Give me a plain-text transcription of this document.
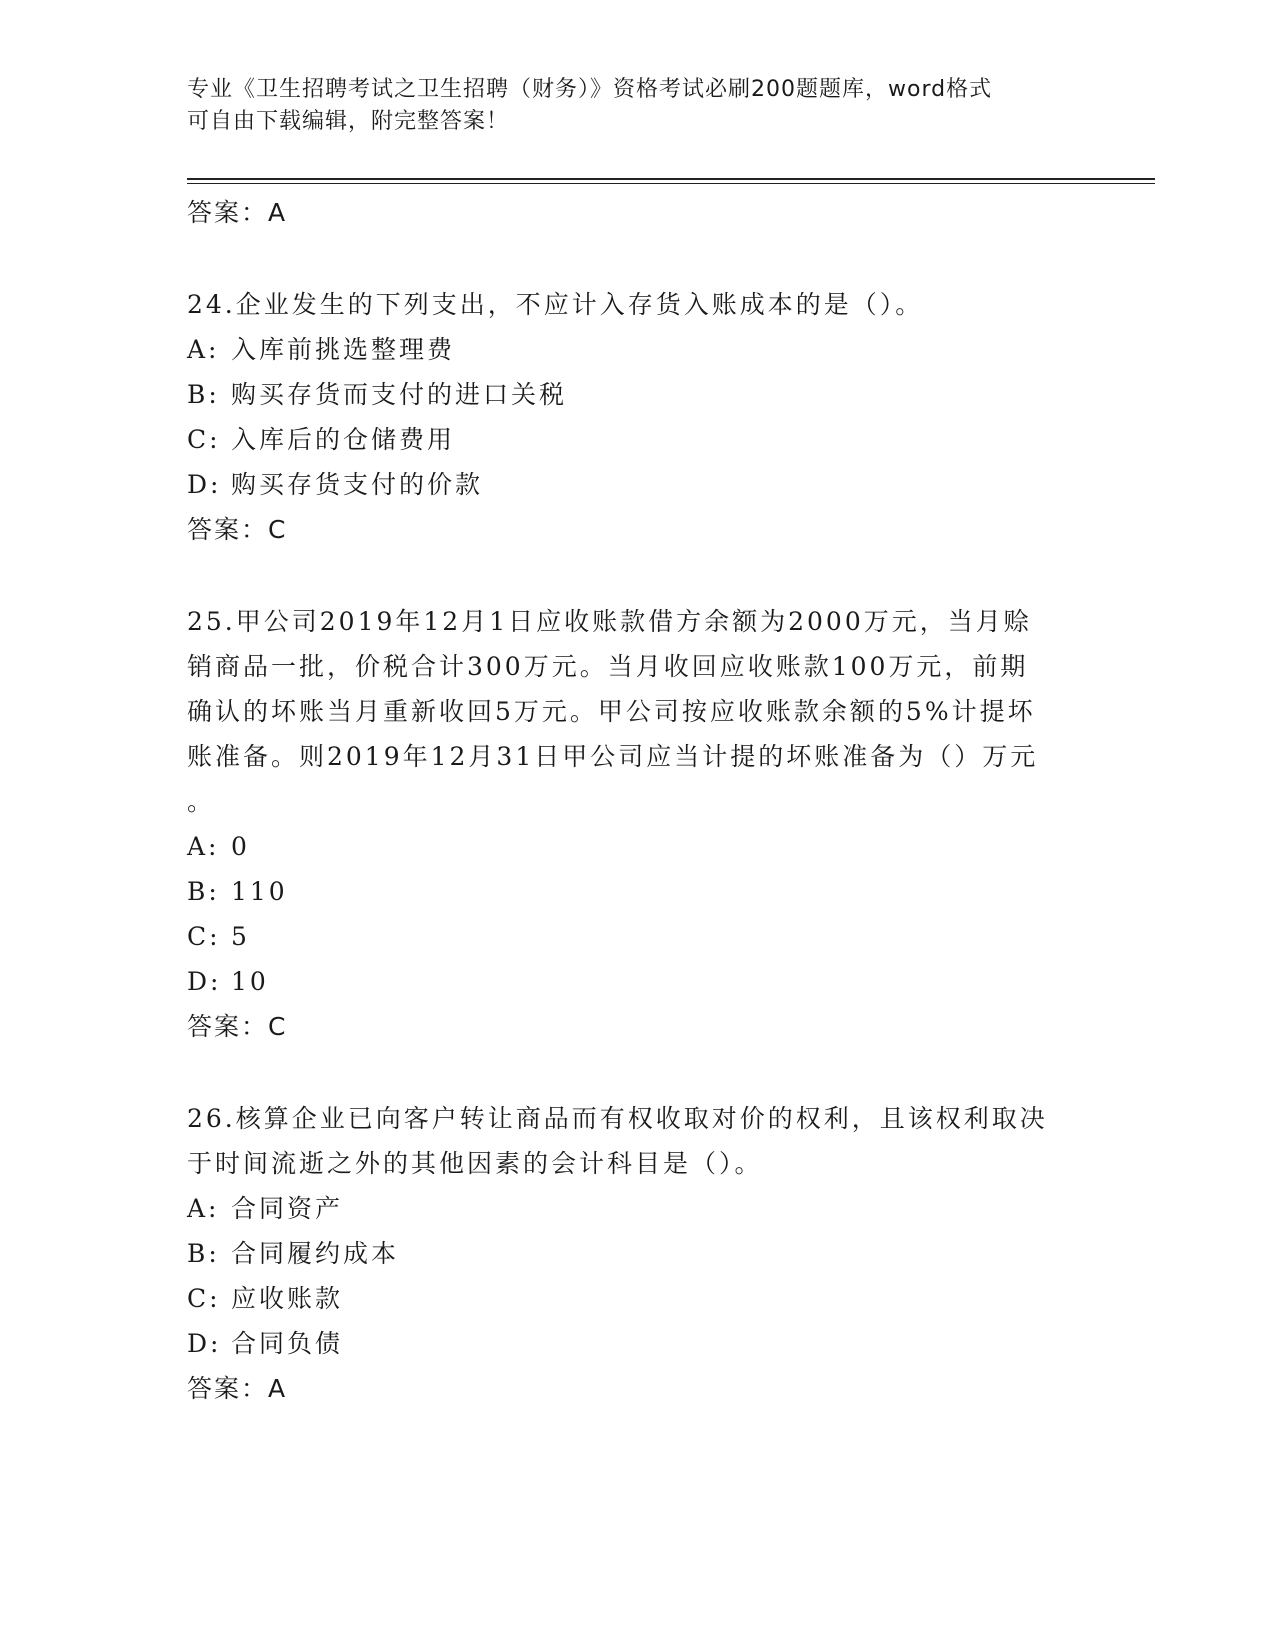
专业《卫生招聘考试之卫生招聘（财务）》资格考试必刷200题题库，word格式
可自由下载编辑，附完整答案！
答案：A
24.企业发生的下列支出，不应计入存货入账成本的是（）。
A: 入库前挑选整理费
B: 购买存货而支付的进口关税
C: 入库后的仓储费用
D: 购买存货支付的价款
答案：C
25.甲公司2019年12月1日应收账款借方余额为2000万元，当月赊
销商品一批，价税合计300万元。当月收回应收账款100万元，前期
确认的坏账当月重新收回5万元。甲公司按应收账款余额的5%计提坏
账准备。则2019年12月31日甲公司应当计提的坏账准备为（）万元
。
A: 0
B: 110
C: 5
D: 10
答案：C
26.核算企业已向客户转让商品而有权收取对价的权利，且该权利取决
于时间流逝之外的其他因素的会计科目是（）。
A: 合同资产
B: 合同履约成本
C: 应收账款
D: 合同负债
答案：A
